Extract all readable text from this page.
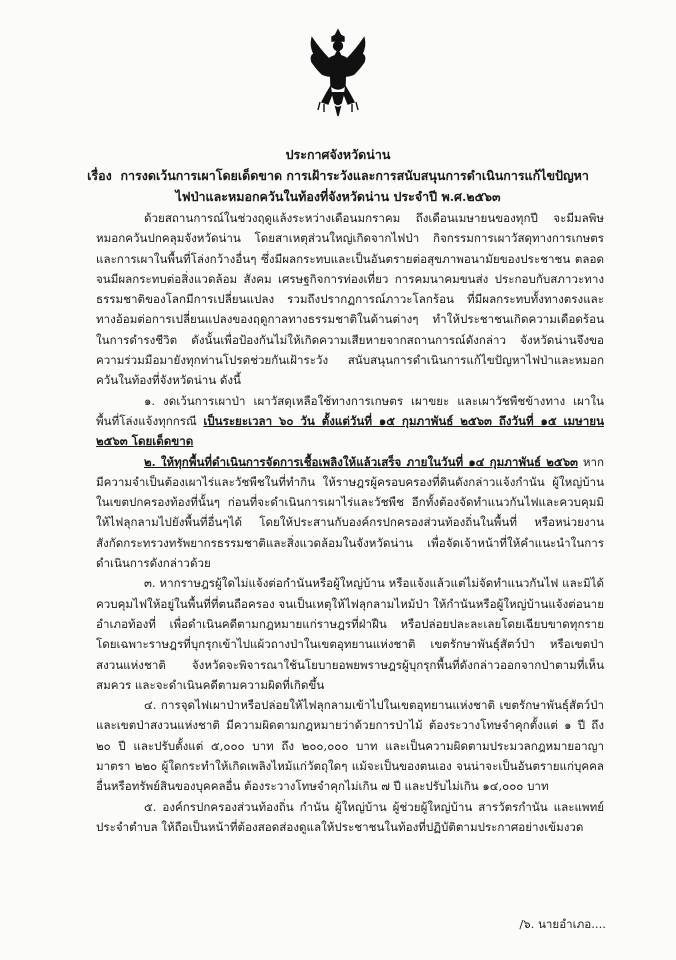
ประกาศจังหวัดน่าน
เรื่อง การงดเว้นการเผาโดยเด็ดขาด การเฝ้าระวังและการสนับสนุนการดำเนินการแก้ไขปัญหา
ไฟป่าและหมอกควันในท้องที่จังหวัดน่าน ประจำปี พ.ศ.๒๕๖๓

ด้วยสถานการณ์ในช่วงฤดูแล้งระหว่างเดือนมกราคม ถึงเดือนเมษายนของทุกปี จะมีมลพิษหมอกควันปกคลุมจังหวัดน่าน โดยสาเหตุส่วนใหญ่เกิดจากไฟป่า กิจกรรมการเผาวัสดุทางการเกษตร และการเผาในพื้นที่โล่งกว้างอื่นๆ ซึ่งมีผลกระทบและเป็นอันตรายต่อสุขภาพอนามัยของประชาชน ตลอดจนมีผลกระทบต่อสิ่งแวดล้อม สังคม เศรษฐกิจการท่องเที่ยว การคมนาคมขนส่ง ประกอบกับสภาวะทางธรรมชาติของโลกมีการเปลี่ยนแปลง รวมถึงปรากฏการณ์ภาวะโลกร้อน ที่มีผลกระทบทั้งทางตรงและทางอ้อมต่อการเปลี่ยนแปลงของฤดูกาลทางธรรมชาติในด้านต่างๆ ทำให้ประชาชนเกิดความเดือดร้อนในการดำรงชีวิต ดังนั้นเพื่อป้องกันไม่ให้เกิดความเสียหายจากสถานการณ์ดังกล่าว จังหวัดน่านจึงขอความร่วมมือมายังทุกท่านโปรดช่วยกันเฝ้าระวัง สนับสนุนการดำเนินการแก้ไขปัญหาไฟป่าและหมอกควันในท้องที่จังหวัดน่าน ดังนี้

๑. งดเว้นการเผาป่า เผาวัสดุเหลือใช้ทางการเกษตร เผาขยะ และเผาวัชพืชข้างทาง เผาในพื้นที่โล่งแจ้งทุกกรณี เป็นระยะเวลา ๖๐ วัน ตั้งแต่วันที่ ๑๕ กุมภาพันธ์ ๒๕๖๓ ถึงวันที่ ๑๕ เมษายน ๒๕๖๓ โดยเด็ดขาด

๒. ให้ทุกพื้นที่ดำเนินการจัดการเชื้อเพลิงให้แล้วเสร็จ ภายในวันที่ ๑๔ กุมภาพันธ์ ๒๕๖๓ หากมีความจำเป็นต้องเผาไร่และวัชพืชในที่ทำกิน ให้ราษฎรผู้ครอบครองที่ดินดังกล่าวแจ้งกำนัน ผู้ใหญ่บ้านในเขตปกครองท้องที่นั้นๆ ก่อนที่จะดำเนินการเผาไร่และวัชพืช อีกทั้งต้องจัดทำแนวกันไฟและควบคุมมิให้ไฟลุกลามไปยังพื้นที่อื่นๆได้ โดยให้ประสานกับองค์กรปกครองส่วนท้องถิ่นในพื้นที่ หรือหน่วยงานสังกัดกระทรวงทรัพยากรธรรมชาติและสิ่งแวดล้อมในจังหวัดน่าน เพื่อจัดเจ้าหน้าที่ให้คำแนะนำในการดำเนินการดังกล่าวด้วย

๓. หากราษฎรผู้ใดไม่แจ้งต่อกำนันหรือผู้ใหญ่บ้าน หรือแจ้งแล้วแต่ไม่จัดทำแนวกันไฟ และมิได้ควบคุมไฟให้อยู่ในพื้นที่ที่ตนถือครอง จนเป็นเหตุให้ไฟลุกลามไหม้ป่า ให้กำนันหรือผู้ใหญ่บ้านแจ้งต่อนายอำเภอท้องที่ เพื่อดำเนินคดีตามกฎหมายแก่ราษฎรที่ฝ่าฝืน หรือปล่อยปละละเลยโดยเฉียบขาดทุกราย โดยเฉพาะราษฎรที่บุกรุกเข้าไปแผ้วถางป่าในเขตอุทยานแห่งชาติ เขตรักษาพันธุ์สัตว์ป่า หรือเขตป่าสงวนแห่งชาติ จังหวัดจะพิจารณาใช้นโยบายอพยพราษฎรผู้บุกรุกพื้นที่ดังกล่าวออกจากป่าตามที่เห็นสมควร และจะดำเนินคดีตามความผิดที่เกิดขึ้น

๔. การจุดไฟเผาป่าหรือปล่อยให้ไฟลุกลามเข้าไปในเขตอุทยานแห่งชาติ เขตรักษาพันธุ์สัตว์ป่าและเขตป่าสงวนแห่งชาติ มีความผิดตามกฎหมายว่าด้วยการป่าไม้ ต้องระวางโทษจำคุกตั้งแต่ ๑ ปี ถึง ๒๐ ปี และปรับตั้งแต่ ๕,๐๐๐ บาท ถึง ๒๐๐,๐๐๐ บาท และเป็นความผิดตามประมวลกฎหมายอาญา มาตรา ๒๒๐ ผู้ใดกระทำให้เกิดเพลิงไหม้แก่วัตถุใดๆ แม้จะเป็นของตนเอง จนน่าจะเป็นอันตรายแก่บุคคลอื่นหรือทรัพย์สินของบุคคลอื่น ต้องระวางโทษจำคุกไม่เกิน ๗ ปี และปรับไม่เกิน ๑๔,๐๐๐ บาท

๕. องค์กรปกครองส่วนท้องถิ่น กำนัน ผู้ใหญ่บ้าน ผู้ช่วยผู้ใหญ่บ้าน สารวัตรกำนัน และแพทย์ประจำตำบล ให้ถือเป็นหน้าที่ต้องสอดส่องดูแลให้ประชาชนในท้องที่ปฏิบัติตามประกาศอย่างเข้มงวด

/๖. นายอำเภอ....
